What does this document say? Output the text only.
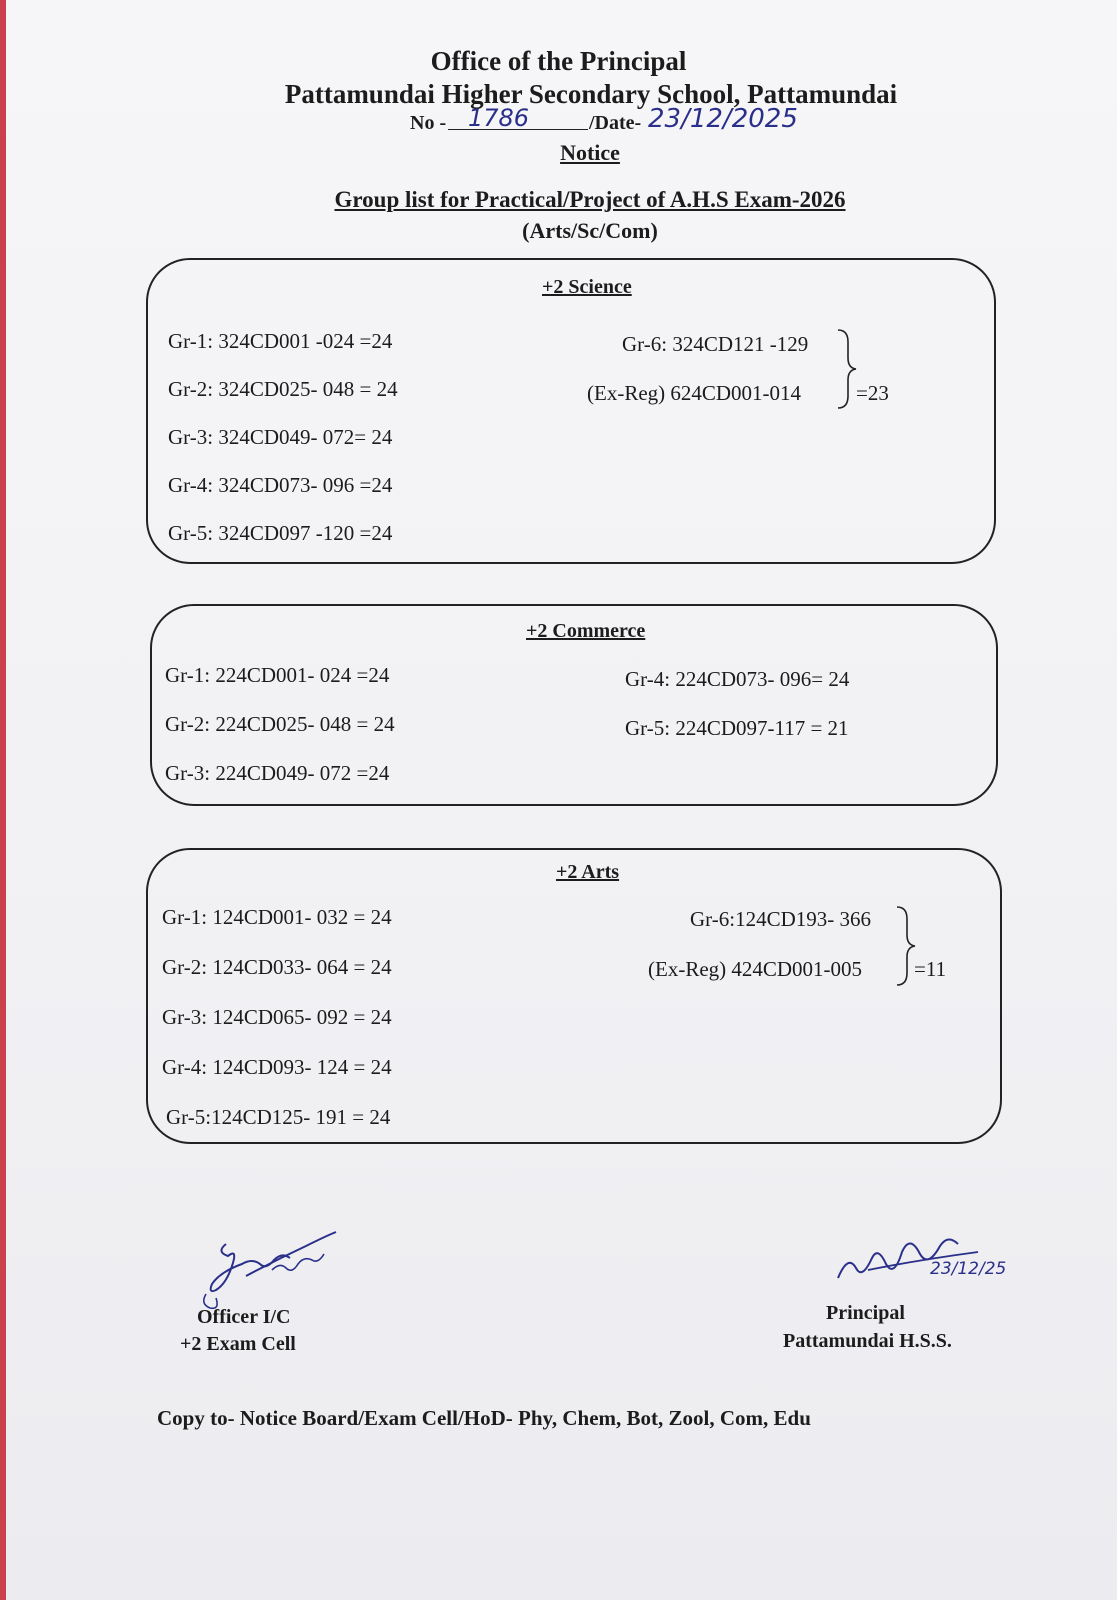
Office of the Principal
Pattamundai Higher Secondary School, Pattamundai
No - 1786	/Date- 23/12/2025
Notice
Group list for Practical/Project of A.H.S Exam-2026
(Arts/Sc/Com)
+2 Science
Gr-1: 324CD001 -024 =24
Gr-2: 324CD025- 048 = 24
Gr-3: 324CD049- 072= 24
Gr-4: 324CD073- 096 =24
Gr-5: 324CD097 -120 =24
Gr-6: 324CD121 -129
(Ex-Reg) 624CD001-014	=23
+2 Commerce
Gr-1: 224CD001- 024 =24
Gr-2: 224CD025- 048 = 24
Gr-3: 224CD049- 072 =24
Gr-4: 224CD073- 096= 24
Gr-5: 224CD097-117 = 21
+2 Arts
Gr-1: 124CD001- 032 = 24
Gr-2: 124CD033- 064 = 24
Gr-3: 124CD065- 092 = 24
Gr-4: 124CD093- 124 = 24
Gr-5:124CD125- 191 = 24
Gr-6:124CD193- 366
(Ex-Reg) 424CD001-005 =11
Officer I/C
+2 Exam Cell
23/12/25
Principal
Pattamundai H.S.S.
Copy to- Notice Board/Exam Cell/HoD- Phy, Chem, Bot, Zool, Com, Edu
